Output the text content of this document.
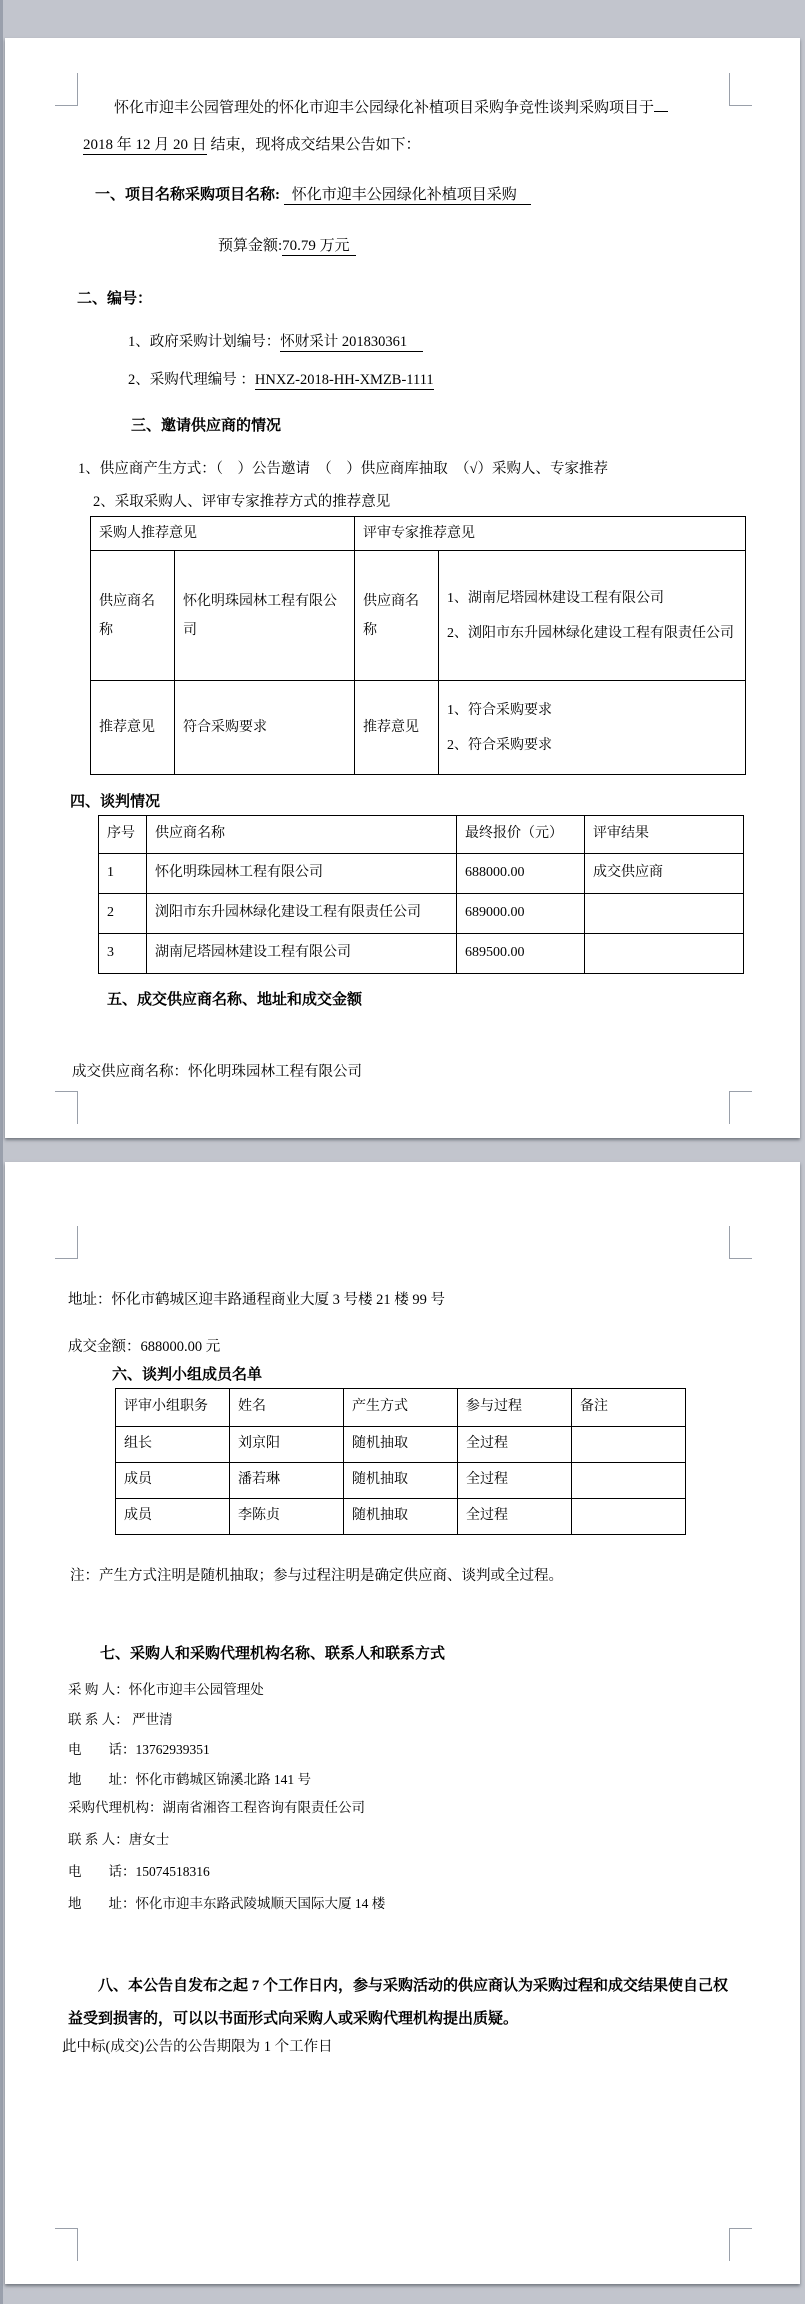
怀化市迎丰公园管理处的怀化市迎丰公园绿化补植项目采购争竞性谈判采购项目于
2018 年 12 月 20 日 结束，现将成交结果公告如下：
一、项目名称采购项目名称: 怀化市迎丰公园绿化补植项目采购
预算金额:70.79 万元
二、编号：
1、政府采购计划编号：怀财采计 201830361
2、采购代理编号 ：HNXZ-2018-HH-XMZB-1111
三、邀请供应商的情况
1、供应商产生方式：（　）公告邀请　（　）供应商库抽取　（√）采购人、专家推荐
2、采取采购人、评审专家推荐方式的推荐意见
采购人推荐意见		评审专家推荐意见	
供应商名称	怀化明珠园林工程有限公司	供应商名称	1、湖南尼塔园林建设工程有限公司
2、浏阳市东升园林绿化建设工程有限责任公司

推荐意见	符合采购要求	推荐意见	1、符合采购要求
2、符合采购要求
四、谈判情况
序号	供应商名称	最终报价（元）	评审结果
1	怀化明珠园林工程有限公司	688000.00	成交供应商
2	浏阳市东升园林绿化建设工程有限责任公司	689000.00	
3	湖南尼塔园林建设工程有限公司	689500.00	
五、成交供应商名称、地址和成交金额
成交供应商名称：怀化明珠园林工程有限公司
地址：怀化市鹤城区迎丰路通程商业大厦 3 号楼 21 楼 99 号
成交金额：688000.00 元
六、谈判小组成员名单
评审小组职务	姓名	产生方式	参与过程	备注
组长	刘京阳	随机抽取	全过程	
成员	潘若琳	随机抽取	全过程	
成员	李陈贞	随机抽取	全过程	
注：产生方式注明是随机抽取；参与过程注明是确定供应商、谈判或全过程。
七、采购人和采购代理机构名称、联系人和联系方式
采 购 人：怀化市迎丰公园管理处
联 系 人： 严世清
电　　话：13762939351
地　　址：怀化市鹤城区锦溪北路 141 号
采购代理机构：湖南省湘咨工程咨询有限责任公司
联 系 人：唐女士
电　　话：15074518316
地　　址：怀化市迎丰东路武陵城顺天国际大厦 14 楼
八、本公告自发布之起 7 个工作日内，参与采购活动的供应商认为采购过程和成交结果使自己权益受到损害的，可以以书面形式向采购人或采购代理机构提出质疑。
此中标(成交)公告的公告期限为 1 个工作日
